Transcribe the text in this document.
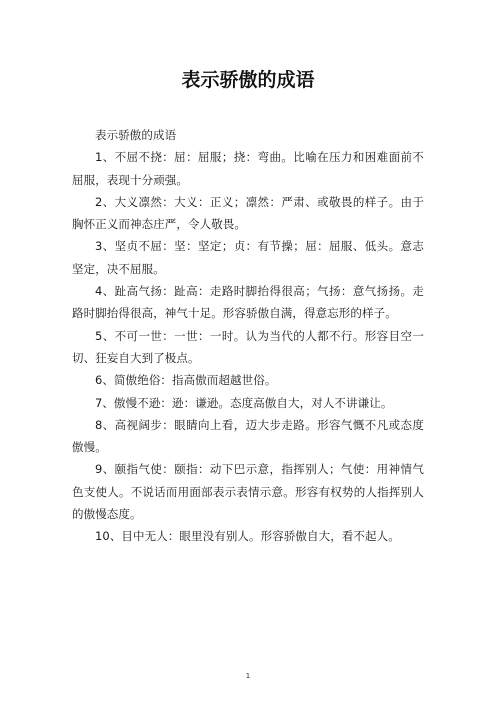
表示骄傲的成语

表示骄傲的成语

1、不屈不挠：屈：屈服；挠：弯曲。比喻在压力和困难面前不屈服，表现十分顽强。

2、大义凛然：大义：正义；凛然：严肃、或敬畏的样子。由于胸怀正义而神态庄严，令人敬畏。

3、坚贞不屈：坚：坚定；贞：有节操；屈：屈服、低头。意志坚定，决不屈服。

4、趾高气扬：趾高：走路时脚抬得很高；气扬：意气扬扬。走路时脚抬得很高，神气十足。形容骄傲自满，得意忘形的样子。

5、不可一世：一世：一时。认为当代的人都不行。形容目空一切、狂妄自大到了极点。

6、简傲绝俗：指高傲而超越世俗。

7、傲慢不逊：逊：谦逊。态度高傲自大，对人不讲谦让。

8、高视阔步：眼睛向上看，迈大步走路。形容气慨不凡或态度傲慢。

9、颐指气使：颐指：动下巴示意，指挥别人；气使：用神情气色支使人。不说话而用面部表示表情示意。形容有权势的人指挥别人的傲慢态度。

10、目中无人：眼里没有别人。形容骄傲自大，看不起人。

1
